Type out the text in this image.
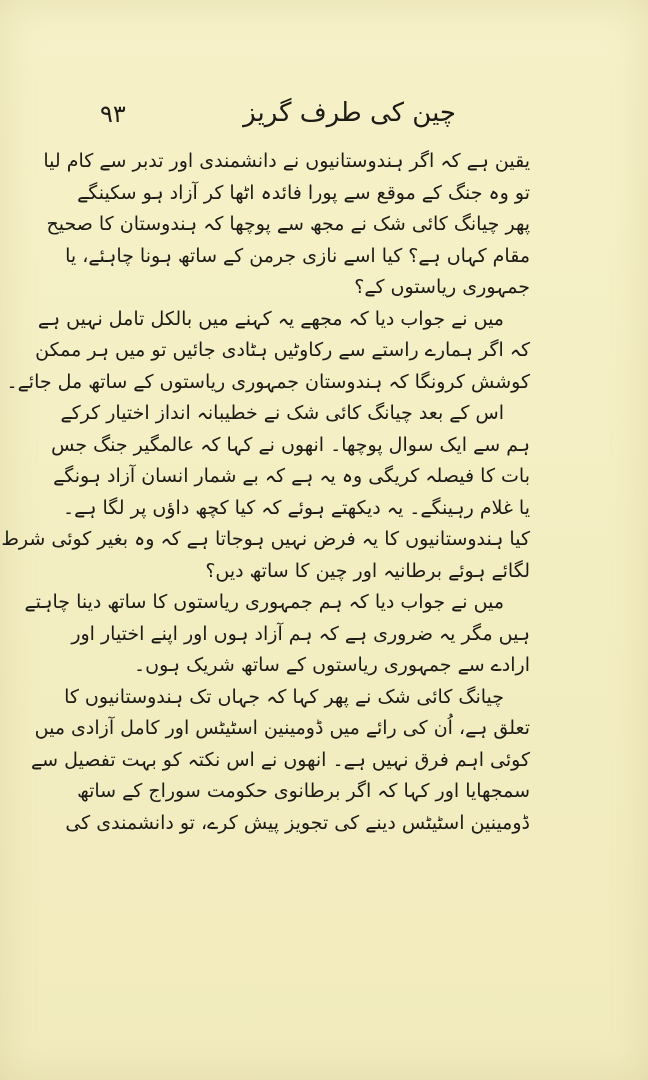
۹۳	چین کی طرف گریز
یقین ہے کہ اگر ہندوستانیوں نے دانشمندی اور تدبر سے کام لیا
تو وہ جنگ کے موقع سے پورا فائدہ اٹھا کر آزاد ہو سکینگے
پھر چیانگ کائی شک نے مجھ سے پوچھا کہ ہندوستان کا صحیح
مقام کہاں ہے؟ کیا اسے نازی جرمن کے ساتھ ہونا چاہئے، یا
جمہوری ریاستوں کے؟
میں نے جواب دیا کہ مجھے یہ کہنے میں بالکل تامل نہیں ہے
کہ اگر ہمارے راستے سے رکاوٹیں ہٹادی جائیں تو میں ہر ممکن
کوشش کرونگا کہ ہندوستان جمہوری ریاستوں کے ساتھ مل جائے۔
اس کے بعد چیانگ کائی شک نے خطیبانہ انداز اختیار کرکے
ہم سے ایک سوال پوچھا۔ انھوں نے کہا کہ عالمگیر جنگ جس
بات کا فیصلہ کریگی وہ یہ ہے کہ بے شمار انسان آزاد ہونگے
یا غلام رہینگے۔ یہ دیکھتے ہوئے کہ کیا کچھ داؤں پر لگا ہے۔
کیا ہندوستانیوں کا یہ فرض نہیں ہوجاتا ہے کہ وہ بغیر کوئی شرط
لگائے ہوئے برطانیہ اور چین کا ساتھ دیں؟
میں نے جواب دیا کہ ہم جمہوری ریاستوں کا ساتھ دینا چاہتے
ہیں مگر یہ ضروری ہے کہ ہم آزاد ہوں اور اپنے اختیار اور
ارادے سے جمہوری ریاستوں کے ساتھ شریک ہوں۔
چیانگ کائی شک نے پھر کہا کہ جہاں تک ہندوستانیوں کا
تعلق ہے، اُن کی رائے میں ڈومینین اسٹیٹس اور کامل آزادی میں
کوئی اہم فرق نہیں ہے۔ انھوں نے اس نکتہ کو بہت تفصیل سے
سمجھایا اور کہا کہ اگر برطانوی حکومت سوراج کے ساتھ
ڈومینین اسٹیٹس دینے کی تجویز پیش کرے، تو دانشمندی کی
